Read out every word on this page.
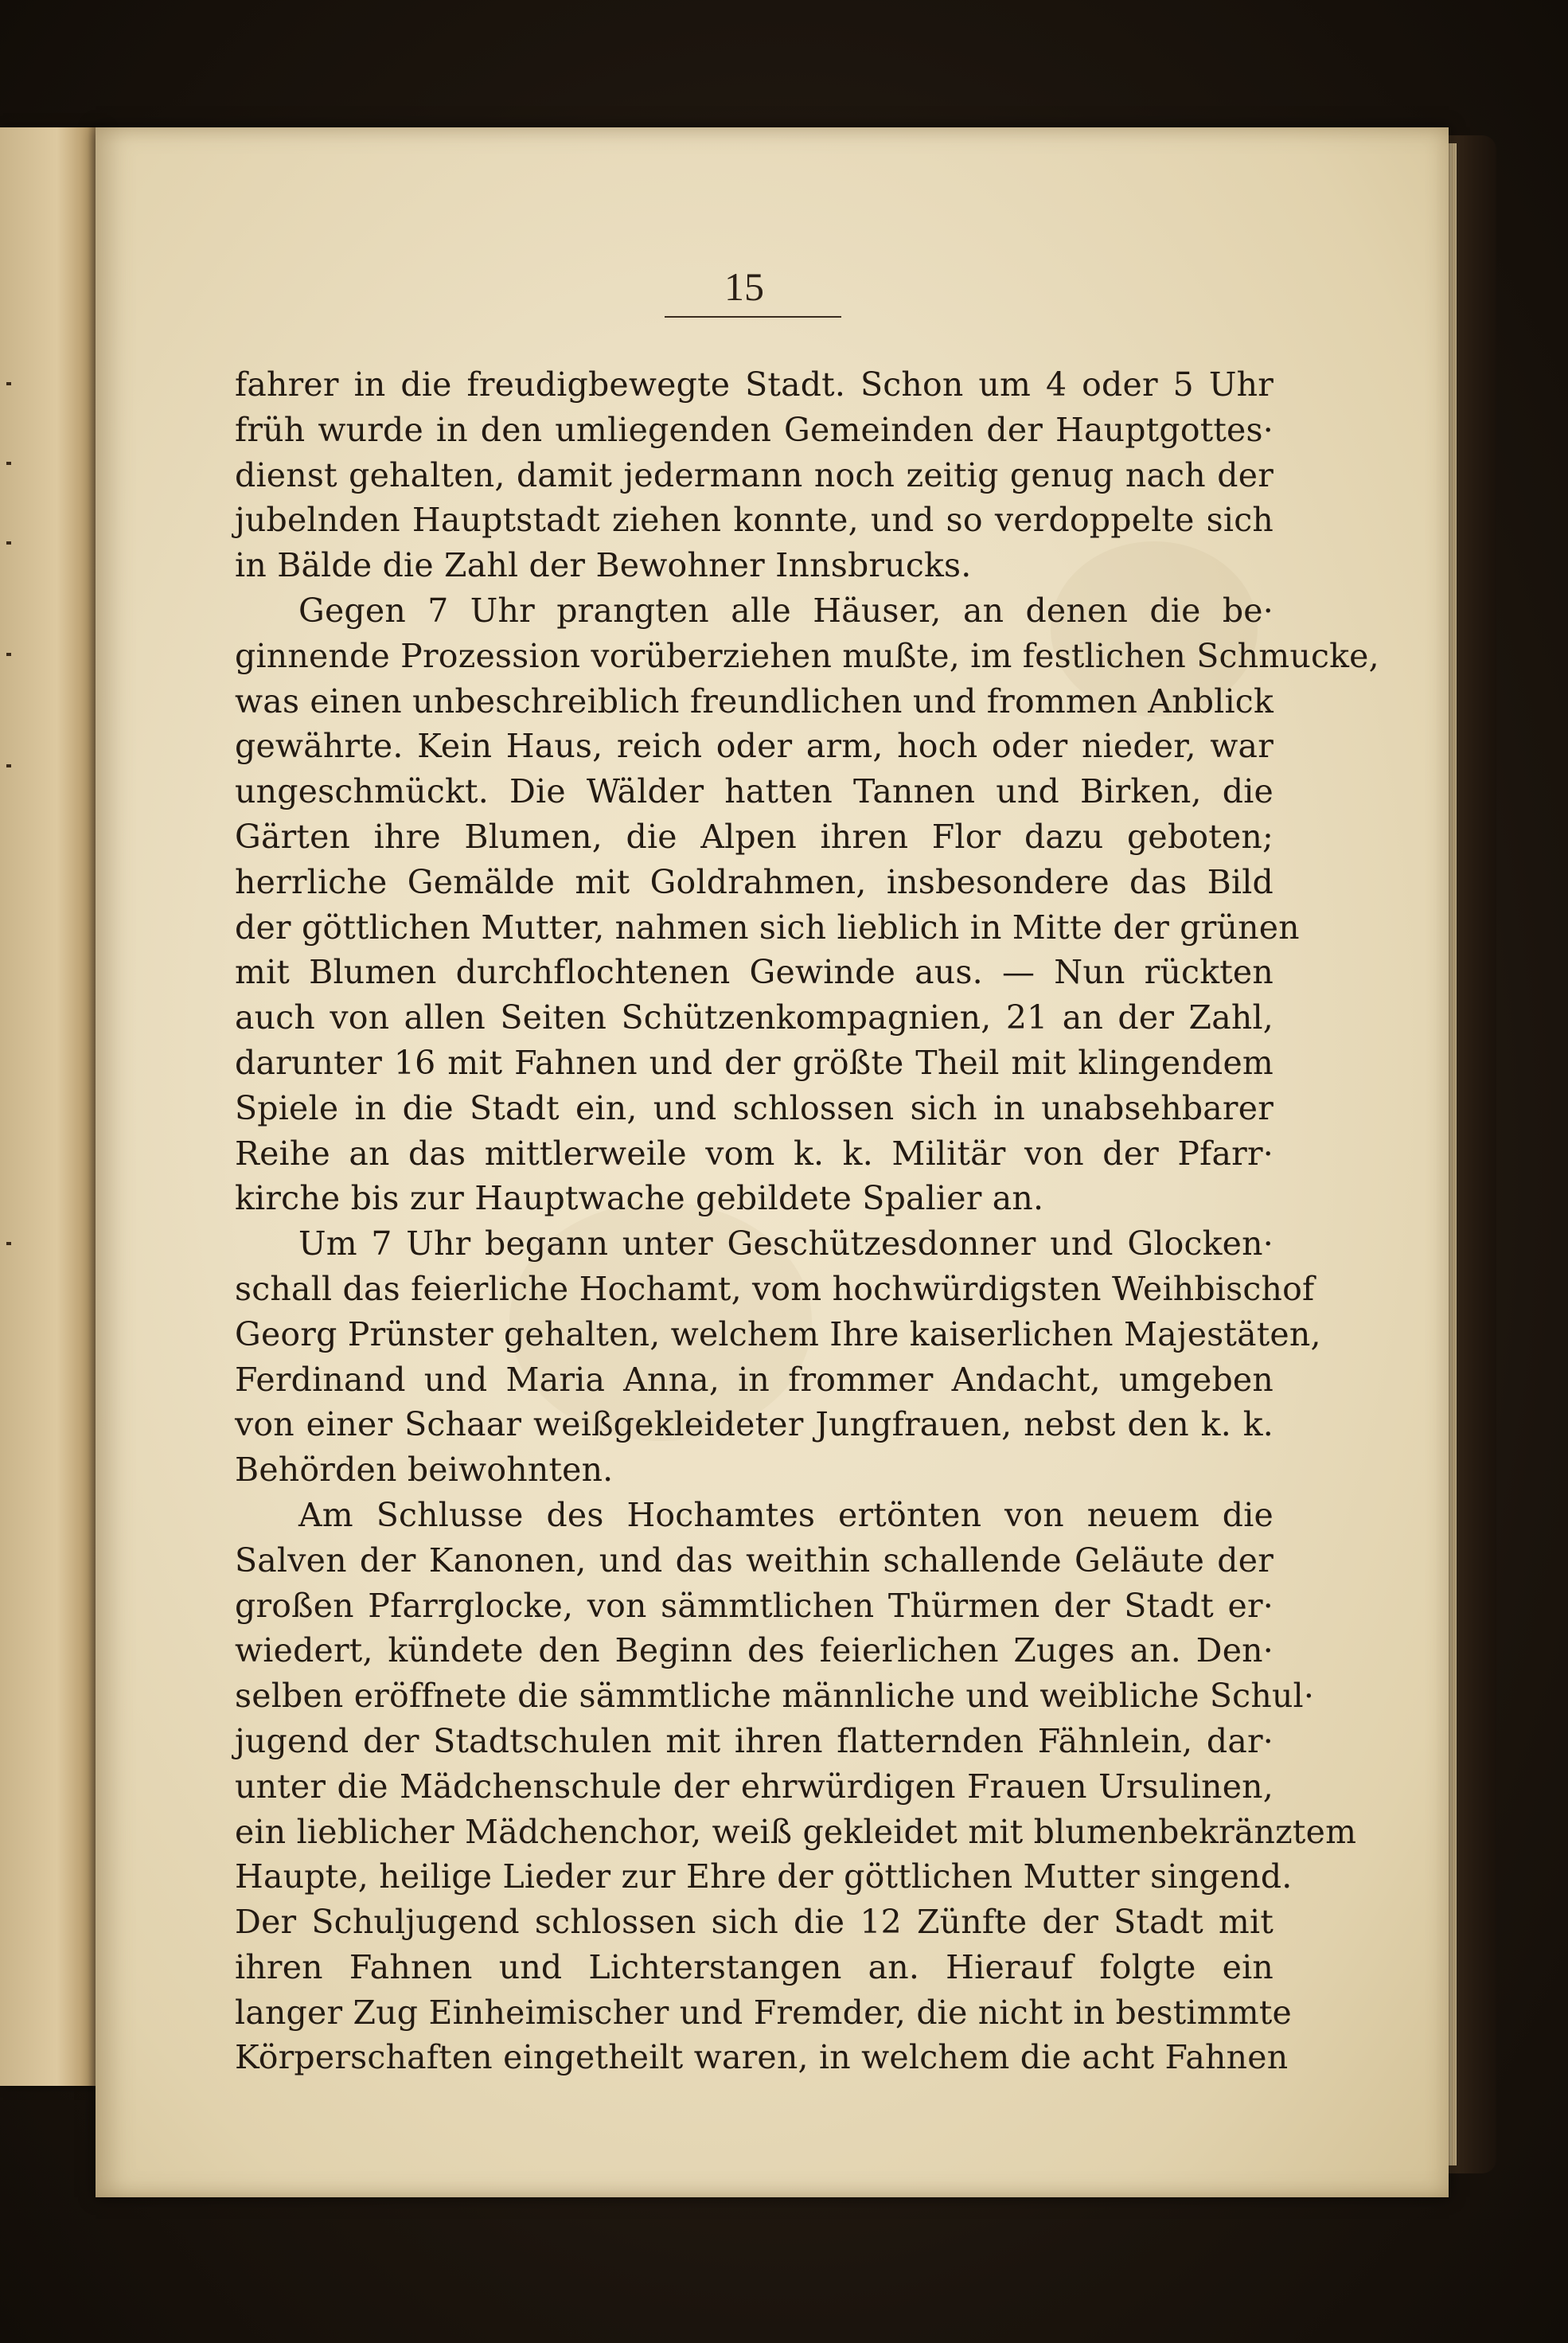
15
fahrer in die freudigbewegte Stadt. Schon um 4 oder 5 Uhr
früh wurde in den umliegenden Gemeinden der Hauptgottes·
dienst gehalten, damit jedermann noch zeitig genug nach der
jubelnden Hauptstadt ziehen konnte, und so verdoppelte sich
in Bälde die Zahl der Bewohner Innsbrucks.
Gegen 7 Uhr prangten alle Häuser, an denen die be·
ginnende Prozession vorüberziehen mußte, im festlichen Schmucke,
was einen unbeschreiblich freundlichen und frommen Anblick
gewährte. Kein Haus, reich oder arm, hoch oder nieder, war
ungeschmückt. Die Wälder hatten Tannen und Birken, die
Gärten ihre Blumen, die Alpen ihren Flor dazu geboten;
herrliche Gemälde mit Goldrahmen, insbesondere das Bild
der göttlichen Mutter, nahmen sich lieblich in Mitte der grünen
mit Blumen durchflochtenen Gewinde aus. — Nun rückten
auch von allen Seiten Schützenkompagnien, 21 an der Zahl,
darunter 16 mit Fahnen und der größte Theil mit klingendem
Spiele in die Stadt ein, und schlossen sich in unabsehbarer
Reihe an das mittlerweile vom k. k. Militär von der Pfarr·
kirche bis zur Hauptwache gebildete Spalier an.
Um 7 Uhr begann unter Geschützesdonner und Glocken·
schall das feierliche Hochamt, vom hochwürdigsten Weihbischof
Georg Prünster gehalten, welchem Ihre kaiserlichen Majestäten,
Ferdinand und Maria Anna, in frommer Andacht, umgeben
von einer Schaar weißgekleideter Jungfrauen, nebst den k. k.
Behörden beiwohnten.
Am Schlusse des Hochamtes ertönten von neuem die
Salven der Kanonen, und das weithin schallende Geläute der
großen Pfarrglocke, von sämmtlichen Thürmen der Stadt er·
wiedert, kündete den Beginn des feierlichen Zuges an. Den·
selben eröffnete die sämmtliche männliche und weibliche Schul·
jugend der Stadtschulen mit ihren flatternden Fähnlein, dar·
unter die Mädchenschule der ehrwürdigen Frauen Ursulinen,
ein lieblicher Mädchenchor, weiß gekleidet mit blumenbekränztem
Haupte, heilige Lieder zur Ehre der göttlichen Mutter singend.
Der Schuljugend schlossen sich die 12 Zünfte der Stadt mit
ihren Fahnen und Lichterstangen an. Hierauf folgte ein
langer Zug Einheimischer und Fremder, die nicht in bestimmte
Körperschaften eingetheilt waren, in welchem die acht Fahnen
